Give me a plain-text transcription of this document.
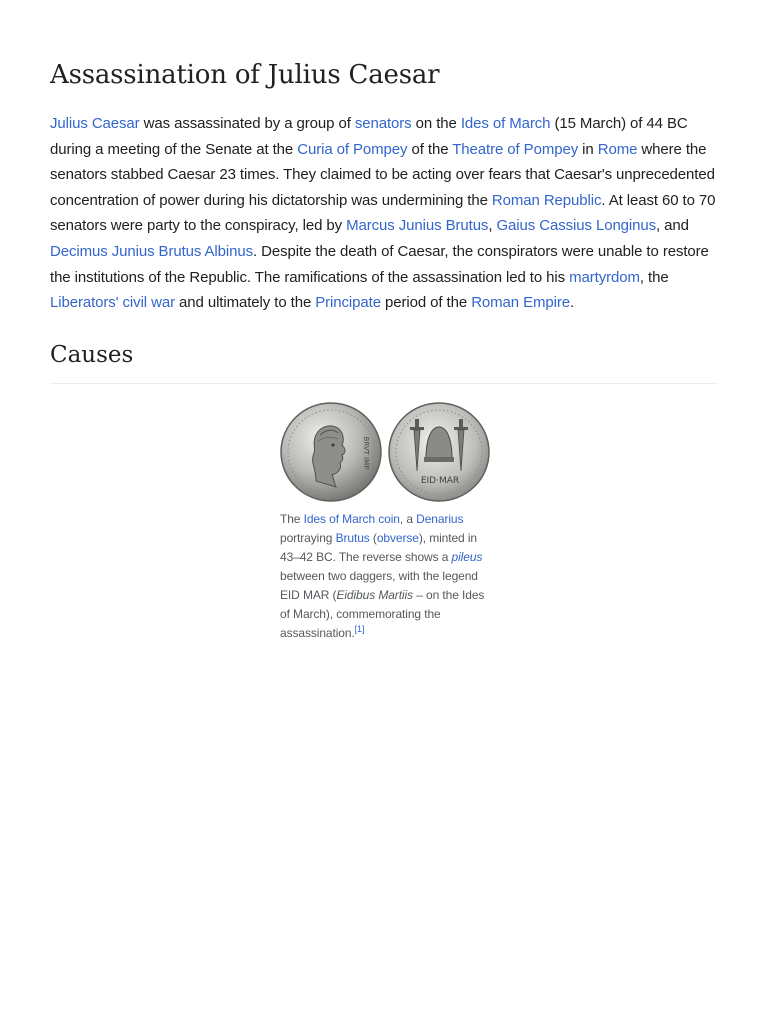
Assassination of Julius Caesar

Julius Caesar was assassinated by a group of senators on the Ides of March (15 March) of 44 BC during a meeting of the Senate at the Curia of Pompey of the Theatre of Pompey in Rome where the senators stabbed Caesar 23 times. They claimed to be acting over fears that Caesar's unprecedented concentration of power during his dictatorship was undermining the Roman Republic. At least 60 to 70 senators were party to the conspiracy, led by Marcus Junius Brutus, Gaius Cassius Longinus, and Decimus Junius Brutus Albinus. Despite the death of Caesar, the conspirators were unable to restore the institutions of the Republic. The ramifications of the assassination led to his martyrdom, the Liberators' civil war and ultimately to the Principate period of the Roman Empire.

Causes
BRVT IMP
EID·MAR
The Ides of March coin, a Denarius portraying Brutus (obverse), minted in 43–42 BC. The reverse shows a pileus between two daggers, with the legend EID MAR (Eidibus Martiis – on the Ides of March), commemorating the assassination.[1]
